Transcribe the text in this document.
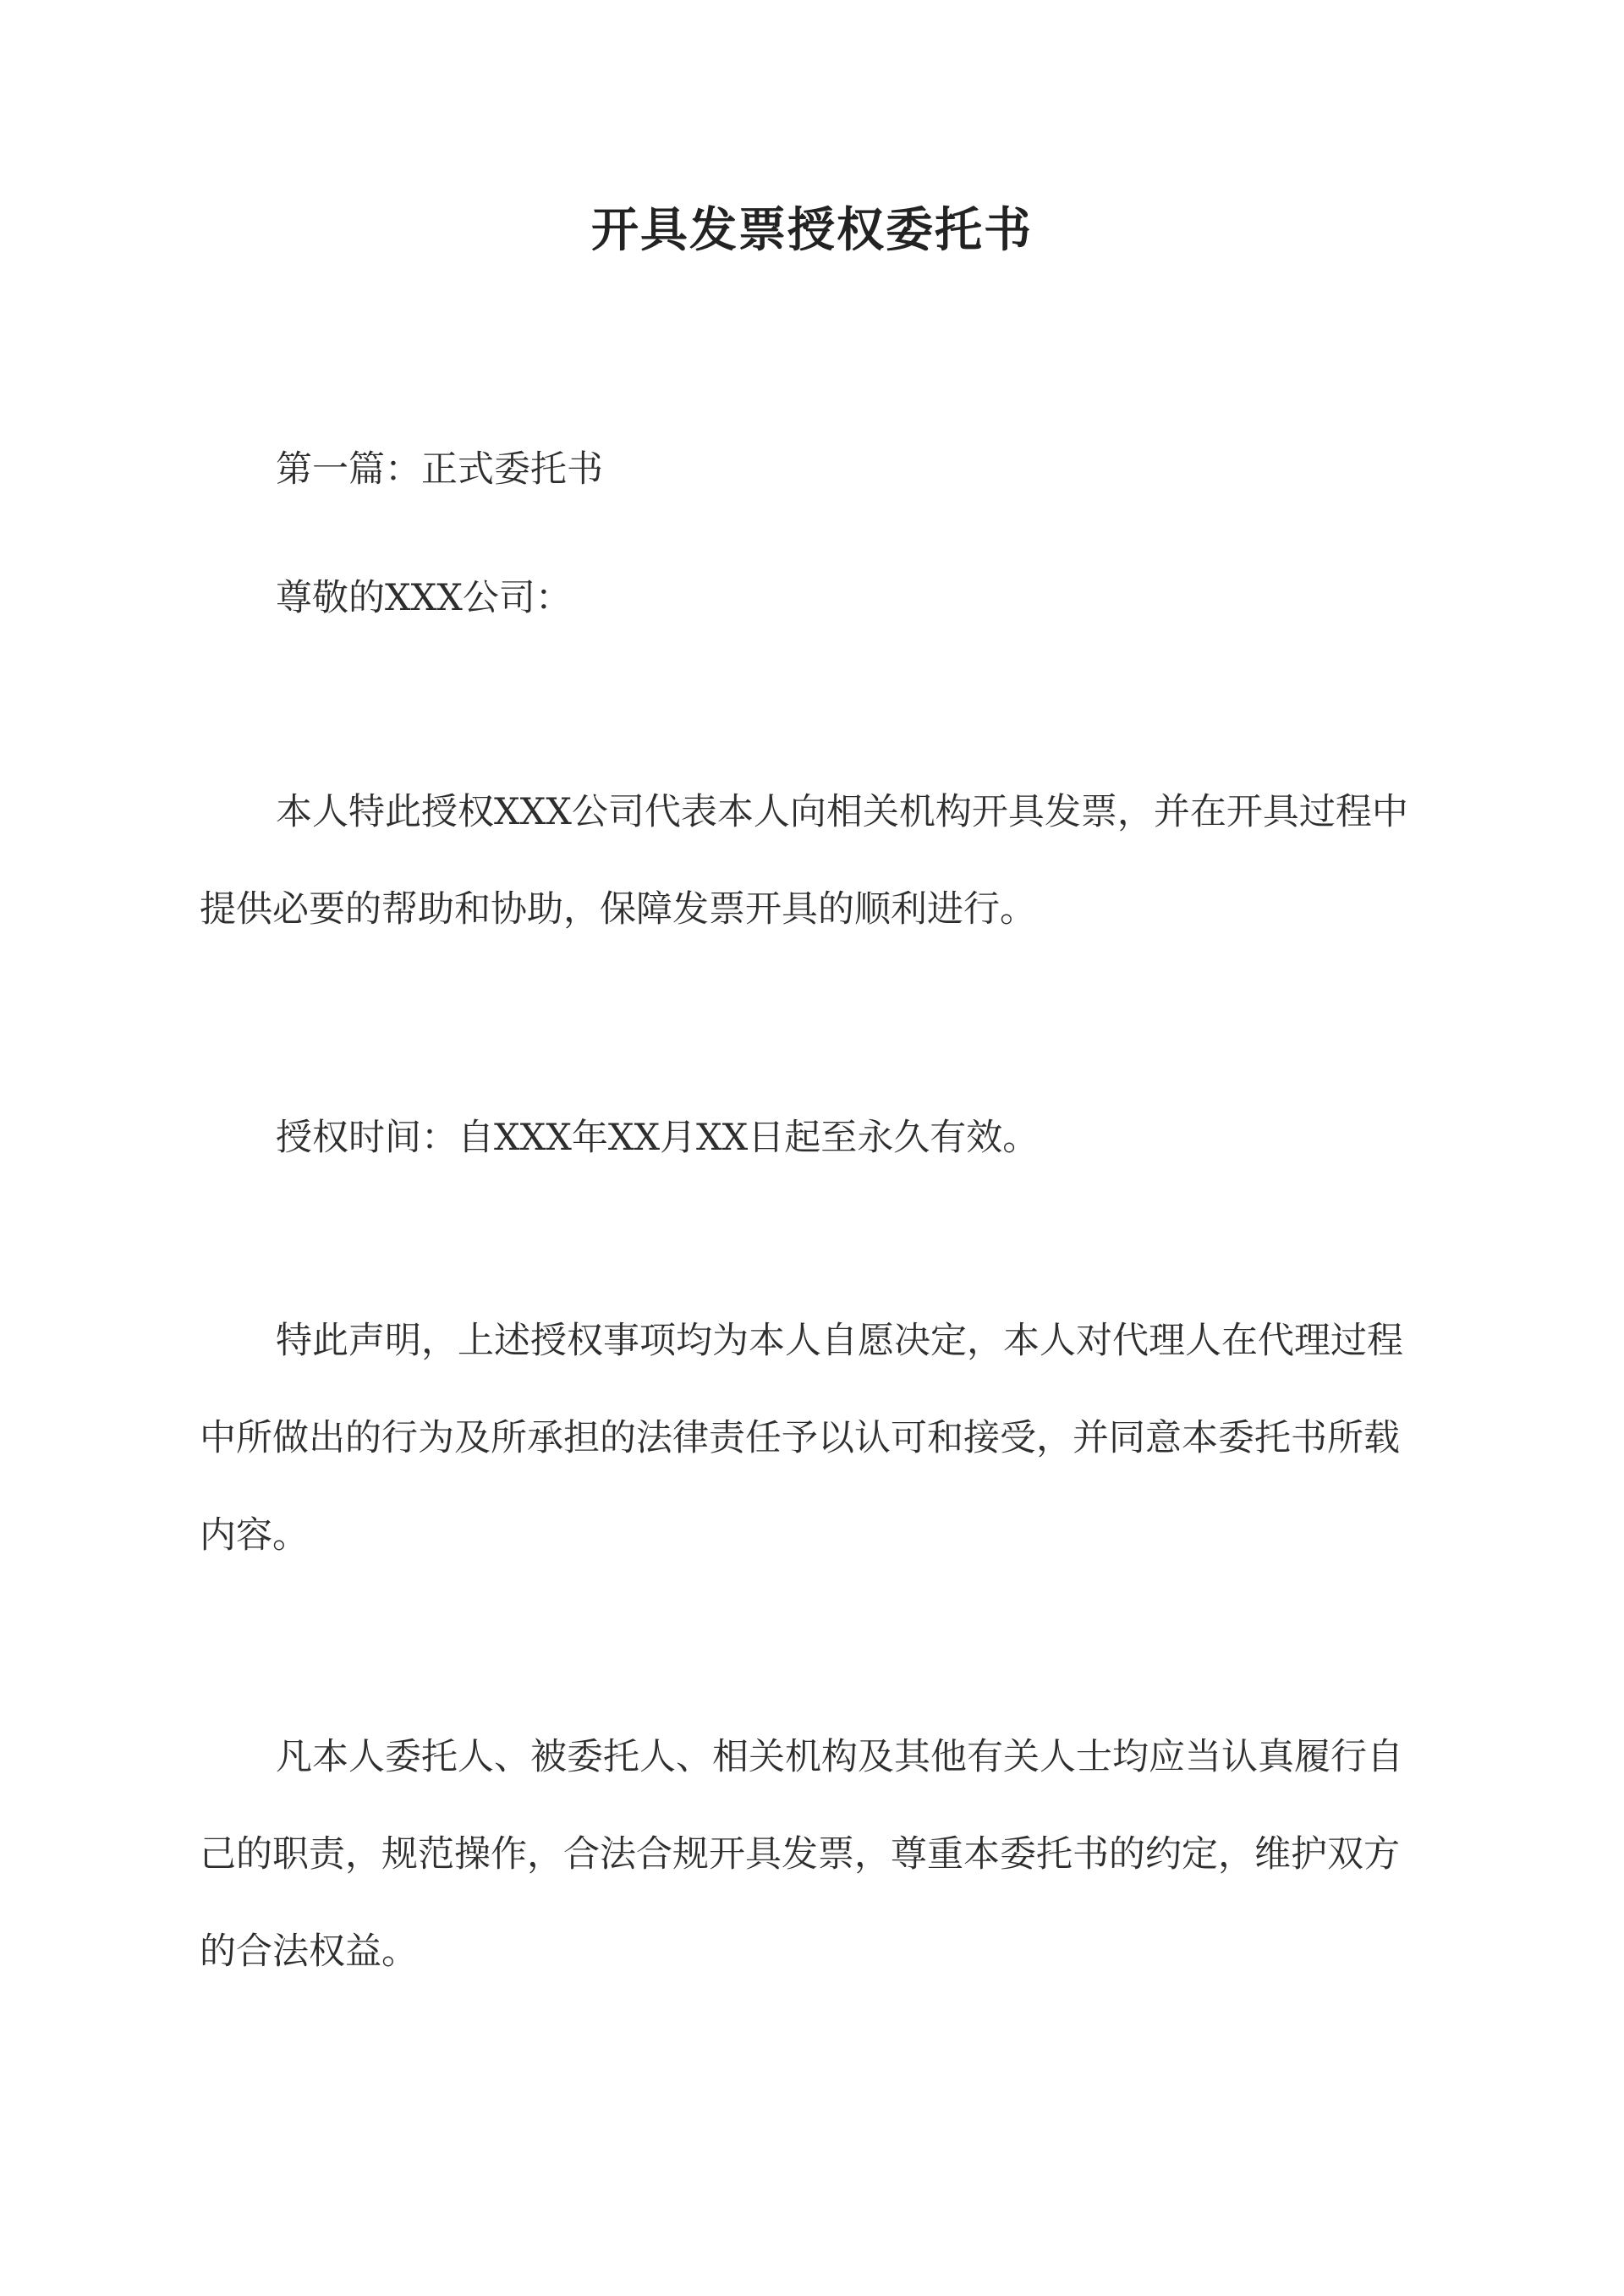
开具发票授权委托书
第一篇：正式委托书
尊敬的XXX公司：
本人特此授权XXX公司代表本人向相关机构开具发票，并在开具过程中提供必要的帮助和协助，保障发票开具的顺利进行。
授权时间：自XXX年XX月XX日起至永久有效。
特此声明，上述授权事项均为本人自愿决定，本人对代理人在代理过程中所做出的行为及所承担的法律责任予以认可和接受，并同意本委托书所载内容。
凡本人委托人、被委托人、相关机构及其他有关人士均应当认真履行自己的职责，规范操作，合法合规开具发票，尊重本委托书的约定，维护双方的合法权益。
